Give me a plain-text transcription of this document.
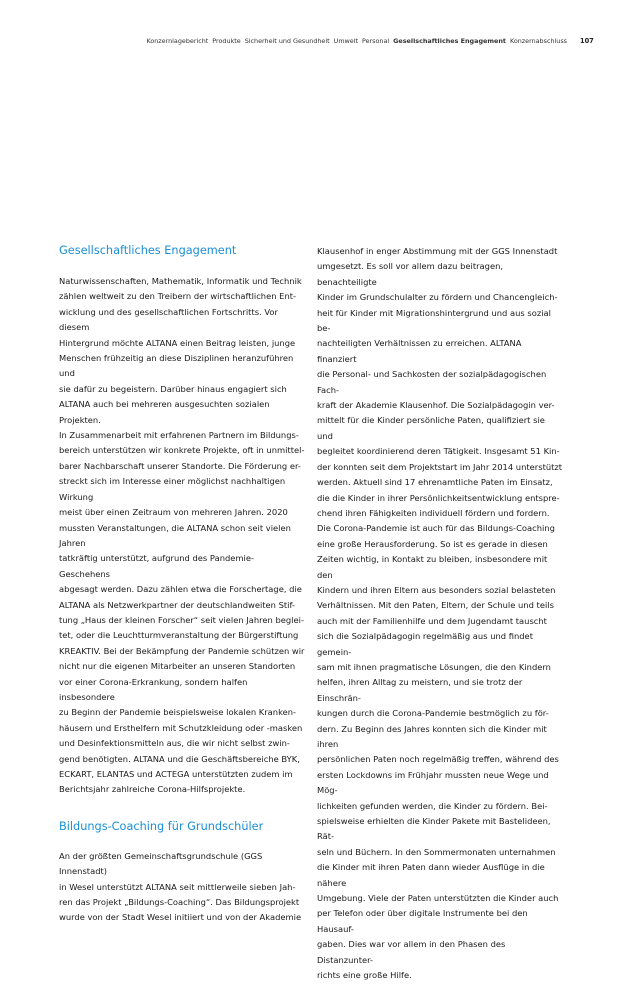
Konzernlagebericht Produkte Sicherheit und Gesundheit Umwelt Personal Gesellschaftliches Engagement Konzernabschluss 107
Gesellschaftliches Engagement

Naturwissenschaften, Mathematik, Informatik und Technik
zählen weltweit zu den Treibern der wirtschaftlichen Ent-
wicklung und des gesellschaftlichen Fortschritts. Vor diesem
Hintergrund möchte ALTANA einen Beitrag leisten, junge
Menschen frühzeitig an diese Disziplinen heranzuführen und
sie dafür zu begeistern. Darüber hinaus engagiert sich
ALTANA auch bei mehreren ausgesuchten sozialen Projekten.
In Zusammenarbeit mit erfahrenen Partnern im Bildungs-
bereich unterstützen wir konkrete Projekte, oft in unmittel-
barer Nachbarschaft unserer Standorte. Die Förderung er-
streckt sich im Interesse einer möglichst nachhaltigen Wirkung
meist über einen Zeitraum von mehreren Jahren. 2020
mussten Veranstaltungen, die ALTANA schon seit vielen Jahren
tatkräftig unterstützt, aufgrund des Pandemie-Geschehens
abgesagt werden. Dazu zählen etwa die Forschertage, die
ALTANA als Netzwerkpartner der deutschlandweiten Stif-
tung „Haus der kleinen Forscher“ seit vielen Jahren beglei-
tet, oder die Leuchtturmveranstaltung der Bürgerstiftung
KREAKTIV. Bei der Bekämpfung der Pandemie schützen wir
nicht nur die eigenen Mitarbeiter an unseren Standorten
vor einer Corona-Erkrankung, sondern halfen insbesondere
zu Beginn der Pandemie beispielsweise lokalen Kranken-
häusern und Ersthelfern mit Schutzkleidung oder -masken
und Desinfektionsmitteln aus, die wir nicht selbst zwin-
gend benötigten. ALTANA und die Geschäftsbereiche BYK,
ECKART, ELANTAS und ACTEGA unterstützten zudem im
Berichtsjahr zahlreiche Corona-Hilfsprojekte.

Bildungs-Coaching für Grundschüler

An der größten Gemeinschaftsgrundschule (GGS Innenstadt)
in Wesel unterstützt ALTANA seit mittlerweile sieben Jah-
ren das Projekt „Bildungs-Coaching“. Das Bildungsprojekt
wurde von der Stadt Wesel initiiert und von der Akademie

Klausenhof in enger Abstimmung mit der GGS Innenstadt
umgesetzt. Es soll vor allem dazu beitragen, benachteiligte
Kinder im Grundschulalter zu fördern und Chancengleich-
heit für Kinder mit Migrationshintergrund und aus sozial be-
nachteiligten Verhältnissen zu erreichen. ALTANA finanziert
die Personal- und Sachkosten der sozialpädagogischen Fach-
kraft der Akademie Klausenhof. Die Sozialpädagogin ver-
mittelt für die Kinder persönliche Paten, qualifiziert sie und
begleitet koordinierend deren Tätigkeit. Insgesamt 51 Kin-
der konnten seit dem Projektstart im Jahr 2014 unterstützt
werden. Aktuell sind 17 ehrenamtliche Paten im Einsatz,
die die Kinder in ihrer Persönlichkeitsentwicklung entspre-
chend ihren Fähigkeiten individuell fördern und fordern.
Die Corona-Pandemie ist auch für das Bildungs-Coaching
eine große Herausforderung. So ist es gerade in diesen
Zeiten wichtig, in Kontakt zu bleiben, insbesondere mit den
Kindern und ihren Eltern aus besonders sozial belasteten
Verhältnissen. Mit den Paten, Eltern, der Schule und teils
auch mit der Familienhilfe und dem Jugendamt tauscht
sich die Sozialpädagogin regelmäßig aus und findet gemein-
sam mit ihnen pragmatische Lösungen, die den Kindern
helfen, ihren Alltag zu meistern, und sie trotz der Einschrän-
kungen durch die Corona-Pandemie bestmöglich zu för-
dern. Zu Beginn des Jahres konnten sich die Kinder mit ihren
persönlichen Paten noch regelmäßig treffen, während des
ersten Lockdowns im Frühjahr mussten neue Wege und Mög-
lichkeiten gefunden werden, die Kinder zu fördern. Bei-
spielsweise erhielten die Kinder Pakete mit Bastelideen, Rät-
seln und Büchern. In den Sommermonaten unternahmen
die Kinder mit ihren Paten dann wieder Ausflüge in die nähere
Umgebung. Viele der Paten unterstützten die Kinder auch
per Telefon oder über digitale Instrumente bei den Hausauf-
gaben. Dies war vor allem in den Phasen des Distanzunter-
richts eine große Hilfe.
